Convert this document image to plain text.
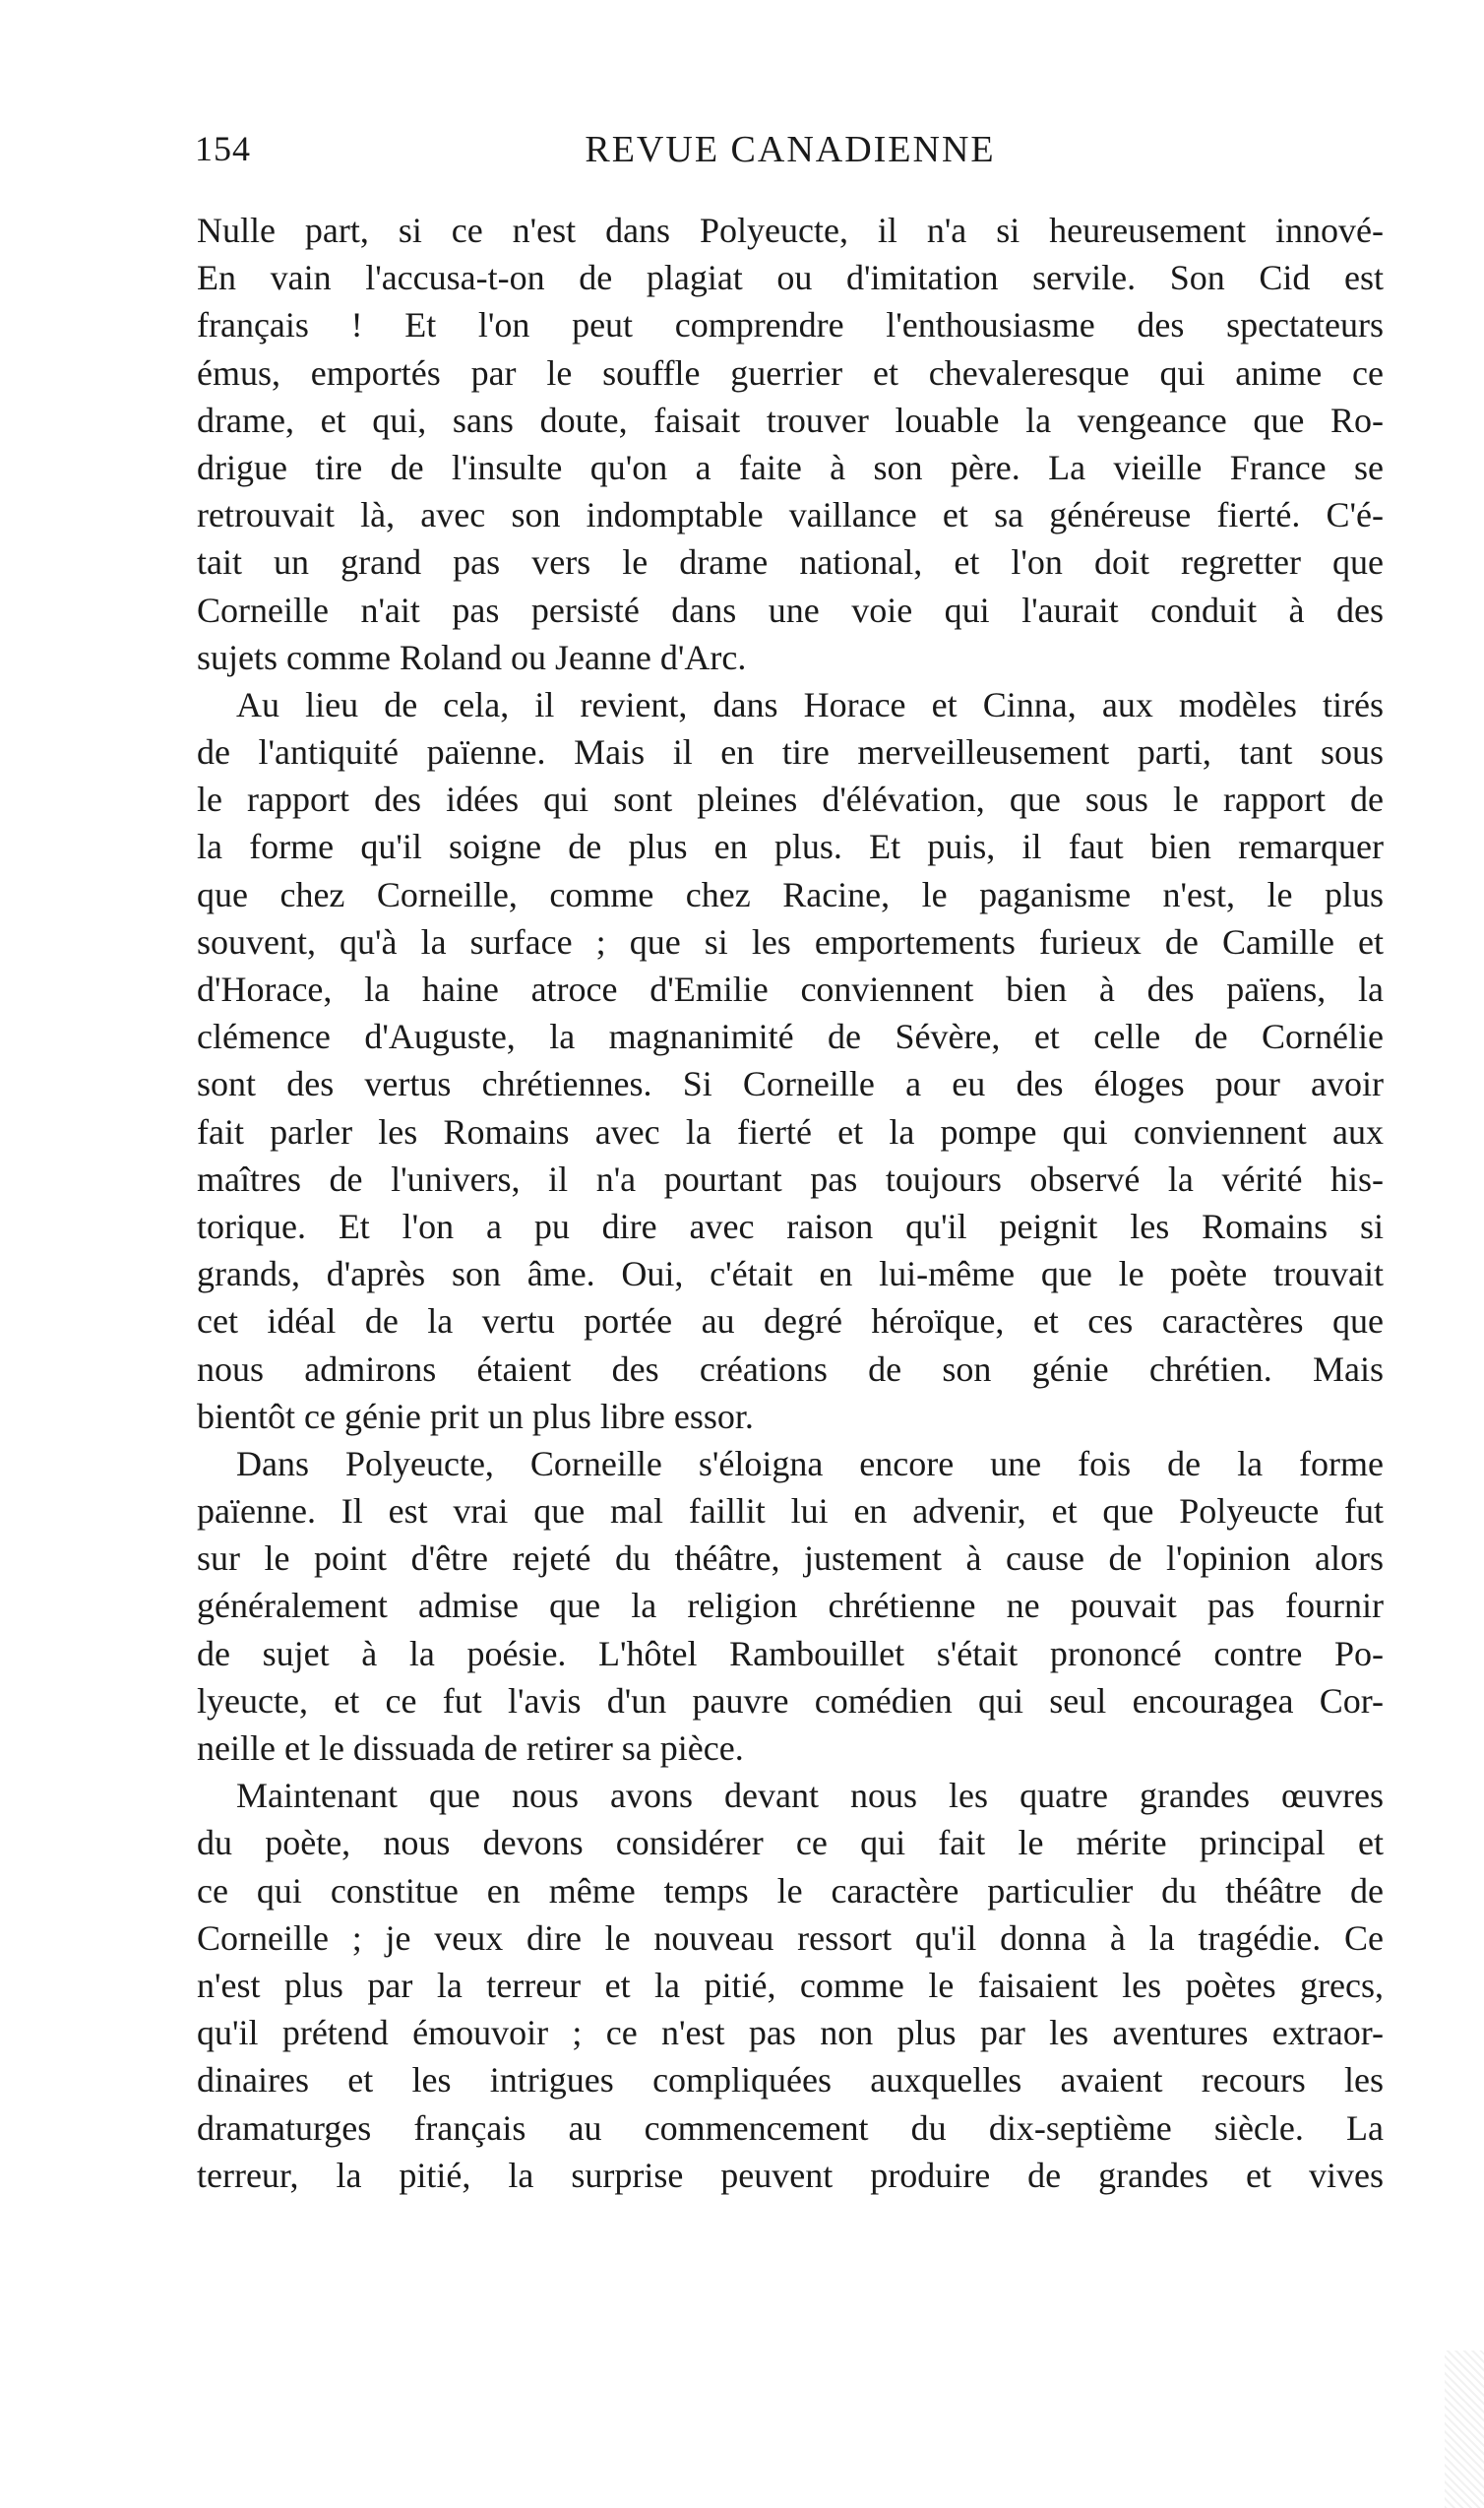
154	REVUE CANADIENNE
Nulle part, si ce n'est dans Polyeucte, il n'a si heureusement innové-
En vain l'accusa-t-on de plagiat ou d'imitation servile. Son Cid est
français ! Et l'on peut comprendre l'enthousiasme des spectateurs
émus, emportés par le souffle guerrier et chevaleresque qui anime ce
drame, et qui, sans doute, faisait trouver louable la vengeance que Ro-
drigue tire de l'insulte qu'on a faite à son père. La vieille France se
retrouvait là, avec son indomptable vaillance et sa généreuse fierté. C'é-
tait un grand pas vers le drame national, et l'on doit regretter que
Corneille n'ait pas persisté dans une voie qui l'aurait conduit à des
sujets comme Roland ou Jeanne d'Arc.
Au lieu de cela, il revient, dans Horace et Cinna, aux modèles tirés
de l'antiquité païenne. Mais il en tire merveilleusement parti, tant sous
le rapport des idées qui sont pleines d'élévation, que sous le rapport de
la forme qu'il soigne de plus en plus. Et puis, il faut bien remarquer
que chez Corneille, comme chez Racine, le paganisme n'est, le plus
souvent, qu'à la surface ; que si les emportements furieux de Camille et
d'Horace, la haine atroce d'Emilie conviennent bien à des païens, la
clémence d'Auguste, la magnanimité de Sévère, et celle de Cornélie
sont des vertus chrétiennes. Si Corneille a eu des éloges pour avoir
fait parler les Romains avec la fierté et la pompe qui conviennent aux
maîtres de l'univers, il n'a pourtant pas toujours observé la vérité his-
torique. Et l'on a pu dire avec raison qu'il peignit les Romains si
grands, d'après son âme. Oui, c'était en lui-même que le poète trouvait
cet idéal de la vertu portée au degré héroïque, et ces caractères que
nous admirons étaient des créations de son génie chrétien. Mais
bientôt ce génie prit un plus libre essor.
Dans Polyeucte, Corneille s'éloigna encore une fois de la forme
païenne. Il est vrai que mal faillit lui en advenir, et que Polyeucte fut
sur le point d'être rejeté du théâtre, justement à cause de l'opinion alors
généralement admise que la religion chrétienne ne pouvait pas fournir
de sujet à la poésie. L'hôtel Rambouillet s'était prononcé contre Po-
lyeucte, et ce fut l'avis d'un pauvre comédien qui seul encouragea Cor-
neille et le dissuada de retirer sa pièce.
Maintenant que nous avons devant nous les quatre grandes œuvres
du poète, nous devons considérer ce qui fait le mérite principal et
ce qui constitue en même temps le caractère particulier du théâtre de
Corneille ; je veux dire le nouveau ressort qu'il donna à la tragédie. Ce
n'est plus par la terreur et la pitié, comme le faisaient les poètes grecs,
qu'il prétend émouvoir ; ce n'est pas non plus par les aventures extraor-
dinaires et les intrigues compliquées auxquelles avaient recours les
dramaturges français au commencement du dix-septième siècle. La
terreur, la pitié, la surprise peuvent produire de grandes et vives
